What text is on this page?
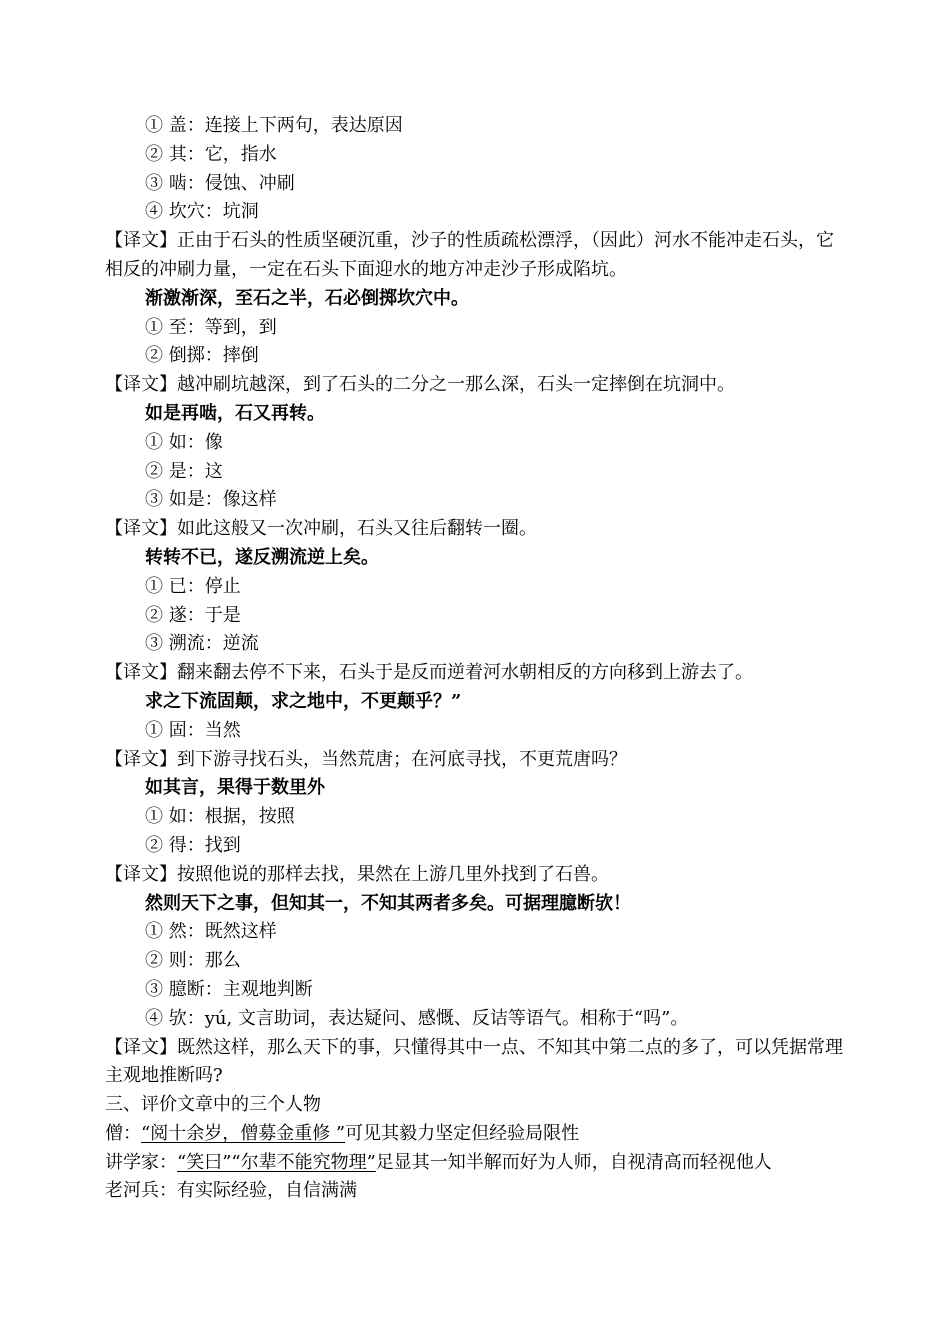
① 盖：连接上下两句，表达原因
② 其：它，指水
③ 啮：侵蚀、冲刷
④ 坎穴：坑洞
【译文】正由于石头的性质坚硬沉重，沙子的性质疏松漂浮，（因此）河水不能冲走石头，它相反的冲刷力量，一定在石头下面迎水的地方冲走沙子形成陷坑。
渐激渐深，至石之半，石必倒掷坎穴中。
① 至：等到，到
② 倒掷：摔倒
【译文】越冲刷坑越深，到了石头的二分之一那么深，石头一定摔倒在坑洞中。
如是再啮，石又再转。
① 如：像
② 是：这
③ 如是：像这样
【译文】如此这般又一次冲刷，石头又往后翻转一圈。
转转不已，遂反溯流逆上矣。
① 已：停止
② 遂：于是
③ 溯流：逆流
【译文】翻来翻去停不下来，石头于是反而逆着河水朝相反的方向移到上游去了。
求之下流固颠，求之地中，不更颠乎？”
① 固：当然
【译文】到下游寻找石头，当然荒唐；在河底寻找，不更荒唐吗？
如其言，果得于数里外
① 如：根据，按照
② 得：找到
【译文】按照他说的那样去找，果然在上游几里外找到了石兽。
然则天下之事，但知其一，不知其两者多矣。可据理臆断欤！
① 然：既然这样
② 则：那么
③ 臆断：主观地判断
④ 欤：yú, 文言助词，表达疑问、感慨、反诘等语气。相称于“吗”。
【译文】既然这样，那么天下的事，只懂得其中一点、不知其中第二点的多了，可以凭据常理主观地推断吗?
三、评价文章中的三个人物
僧：“阅十余岁，僧募金重修 ”可见其毅力坚定但经验局限性
讲学家：“笑曰”“尔辈不能究物理”足显其一知半解而好为人师，自视清高而轻视他人
老河兵：有实际经验，自信满满
